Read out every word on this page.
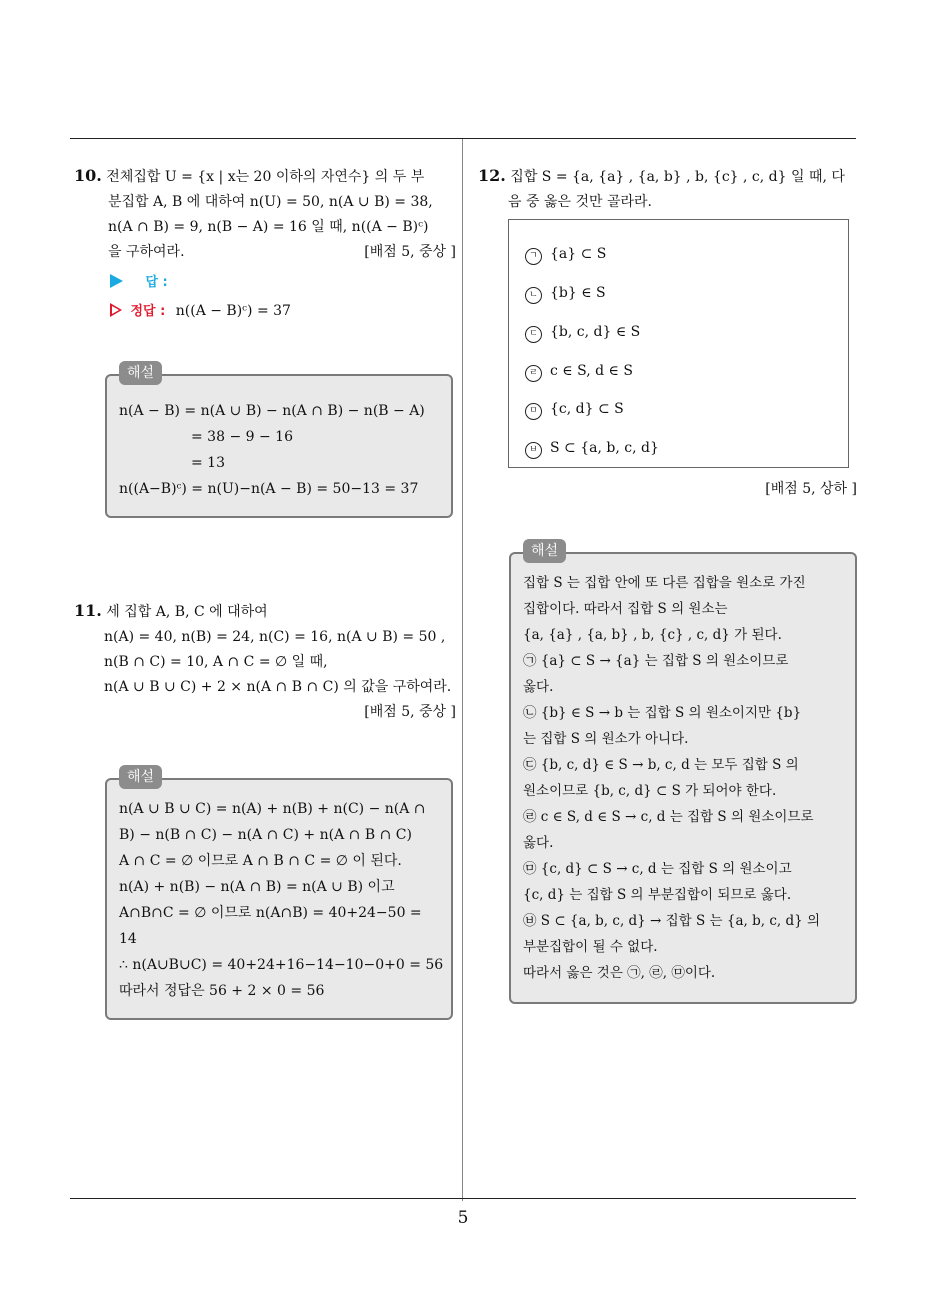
10. 전체집합 U = {x | x는 20 이하의 자연수} 의 두 부
분집합 A, B 에 대하여 n(U) = 50, n(A ∪ B) = 38,
n(A ∩ B) = 9, n(B − A) = 16 일 때, n((A − B)ᶜ)
을 구하여라.	[배점 5, 중상 ]
답 :
정답 : n((A − B)ᶜ) = 37
해설
n(A − B) = n(A ∪ B) − n(A ∩ B) − n(B − A)
= 38 − 9 − 16
= 13
n((A−B)ᶜ) = n(U)−n(A − B) = 50−13 = 37
11. 세 집합 A, B, C 에 대하여
n(A) = 40, n(B) = 24, n(C) = 16, n(A ∪ B) = 50 ,
n(B ∩ C) = 10, A ∩ C = ∅ 일 때,
n(A ∪ B ∪ C) + 2 × n(A ∩ B ∩ C) 의 값을 구하여라.
[배점 5, 중상 ]
해설
n(A ∪ B ∪ C) = n(A) + n(B) + n(C) − n(A ∩
B) − n(B ∩ C) − n(A ∩ C) + n(A ∩ B ∩ C)
A ∩ C = ∅ 이므로 A ∩ B ∩ C = ∅ 이 된다.
n(A) + n(B) − n(A ∩ B) = n(A ∪ B) 이고
A∩B∩C = ∅ 이므로 n(A∩B) = 40+24−50 =
14
∴ n(A∪B∪C) = 40+24+16−14−10−0+0 = 56
따라서 정답은 56 + 2 × 0 = 56
12. 집합 S = {a, {a} , {a, b} , b, {c} , c, d} 일 때, 다
음 중 옳은 것만 골라라.
ㄱ {a} ⊂ S
ㄴ {b} ∈ S
ㄷ {b, c, d} ∈ S
ㄹ c ∈ S, d ∈ S
ㅁ {c, d} ⊂ S
ㅂ S ⊂ {a, b, c, d}
[배점 5, 상하 ]
해설
집합 S 는 집합 안에 또 다른 집합을 원소로 가진
집합이다. 따라서 집합 S 의 원소는
{a, {a} , {a, b} , b, {c} , c, d} 가 된다.
㉠ {a} ⊂ S → {a} 는 집합 S 의 원소이므로
옳다.
㉡ {b} ∈ S → b 는 집합 S 의 원소이지만 {b}
는 집합 S 의 원소가 아니다.
㉢ {b, c, d} ∈ S → b, c, d 는 모두 집합 S 의
원소이므로 {b, c, d} ⊂ S 가 되어야 한다.
㉣ c ∈ S, d ∈ S → c, d 는 집합 S 의 원소이므로
옳다.
㉤ {c, d} ⊂ S → c, d 는 집합 S 의 원소이고
{c, d} 는 집합 S 의 부분집합이 되므로 옳다.
㉥ S ⊂ {a, b, c, d} → 집합 S 는 {a, b, c, d} 의
부분집합이 될 수 없다.
따라서 옳은 것은 ㉠, ㉣, ㉤이다.
5
